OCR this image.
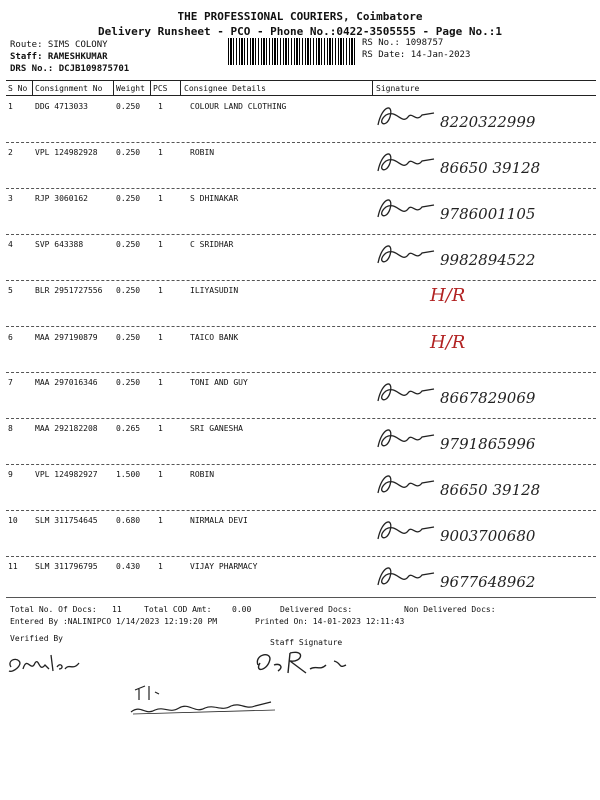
THE PROFESSIONAL COURIERS, Coimbatore
Delivery Runsheet - PCO - Phone No.:0422-3505555 - Page No.:1
Route: SIMS COLONY
Staff: RAMESHKUMAR
DRS No.: DCJB109875701
RS No.: 1098757
RS Date: 14-Jan-2023
S No Consignment No Weight PCS Consignee Details	Signature
1	DDG 4713033	0.250 1	COLOUR LAND CLOTHING
8220322999
2	VPL 124982928 0.250 1	ROBIN
86650 39128
3	RJP 3060162	0.250 1	S DHINAKAR
9786001105
4	SVP 643388	0.250 1	C SRIDHAR
9982894522
5	BLR 2951727556 0.250 1	ILIYASUDIN	H/R
6	MAA 297190879 0.250 1	TAICO BANK	H/R
7	MAA 297016346 0.250 1	TONI AND GUY
8667829069
8	MAA 292182208 0.265 1	SRI GANESHA
9791865996
9	VPL 124982927 1.500 1	ROBIN
86650 39128
10 SLM 311754645 0.680 1	NIRMALA DEVI
9003700680
11 SLM 311796795 0.430 1	VIJAY PHARMACY
9677648962
Total No. Of Docs: 11	Total COD Amt:	0.00	Delivered Docs:	Non Delivered Docs:
Entered By :NALINIPCO 1/14/2023 12:19:20 PM	Printed On: 14-01-2023 12:11:43
Verified By	Staff Signature
